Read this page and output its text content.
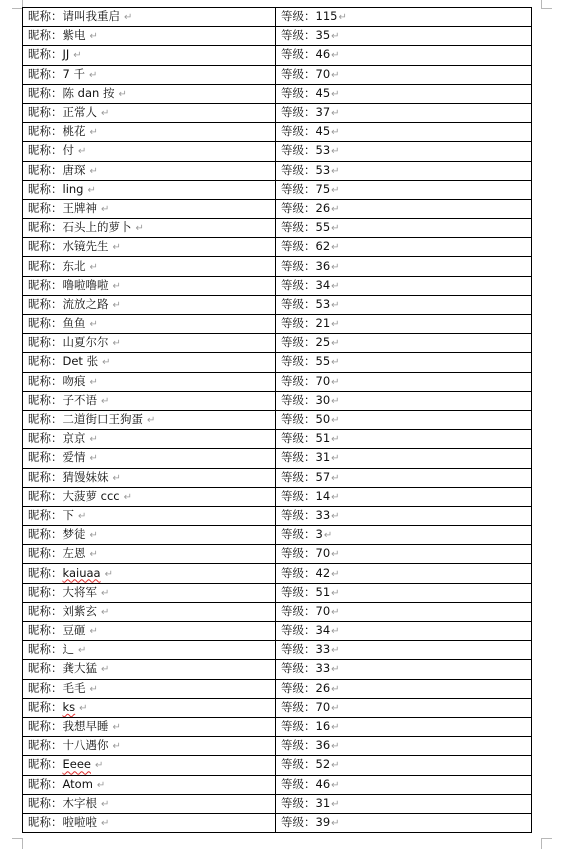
昵称：请叫我重启 ↵	等级：115↵
昵称：紫电 ↵	等级：35↵
昵称：JJ ↵	等级：46↵
昵称：7 千 ↵	等级：70↵
昵称：陈 dan 按 ↵	等级：45↵
昵称：正常人 ↵	等级：37↵
昵称：桃花 ↵	等级：45↵
昵称：付 ↵	等级：53↵
昵称：唐琛 ↵	等级：53↵
昵称：ling ↵	等级：75↵
昵称：王牌神 ↵	等级：26↵
昵称：石头上的萝卜 ↵	等级：55↵
昵称：水镜先生 ↵	等级：62↵
昵称：东北 ↵	等级：36↵
昵称：噜啦噜啦 ↵	等级：34↵
昵称：流放之路 ↵	等级：53↵
昵称：鱼鱼 ↵	等级：21↵
昵称：山夏尔尔 ↵	等级：25↵
昵称：Det 张 ↵	等级：55↵
昵称：吻痕 ↵	等级：70↵
昵称：子不语 ↵	等级：30↵
昵称：二道街口王狗蛋 ↵	等级：50↵
昵称：京京 ↵	等级：51↵
昵称：爱情 ↵	等级：31↵
昵称：猜馒妹妹 ↵	等级：57↵
昵称：大菠萝 ccc ↵	等级：14↵
昵称：下 ↵	等级：33↵
昵称：梦徒 ↵	等级：3↵
昵称：左恩 ↵	等级：70↵
昵称：kaiuaa ↵	等级：42↵
昵称：大将军 ↵	等级：51↵
昵称：刘紫玄 ↵	等级：70↵
昵称：豆砸 ↵	等级：34↵
昵称：辶 ↵	等级：33↵
昵称：龚大猛 ↵	等级：33↵
昵称：毛毛 ↵	等级：26↵
昵称：ks ↵	等级：70↵
昵称：我想早睡 ↵	等级：16↵
昵称：十八遇你 ↵	等级：36↵
昵称：Eeee ↵	等级：52↵
昵称：Atom ↵	等级：46↵
昵称：木字根 ↵	等级：31↵
昵称：啦啦啦 ↵	等级：39↵
